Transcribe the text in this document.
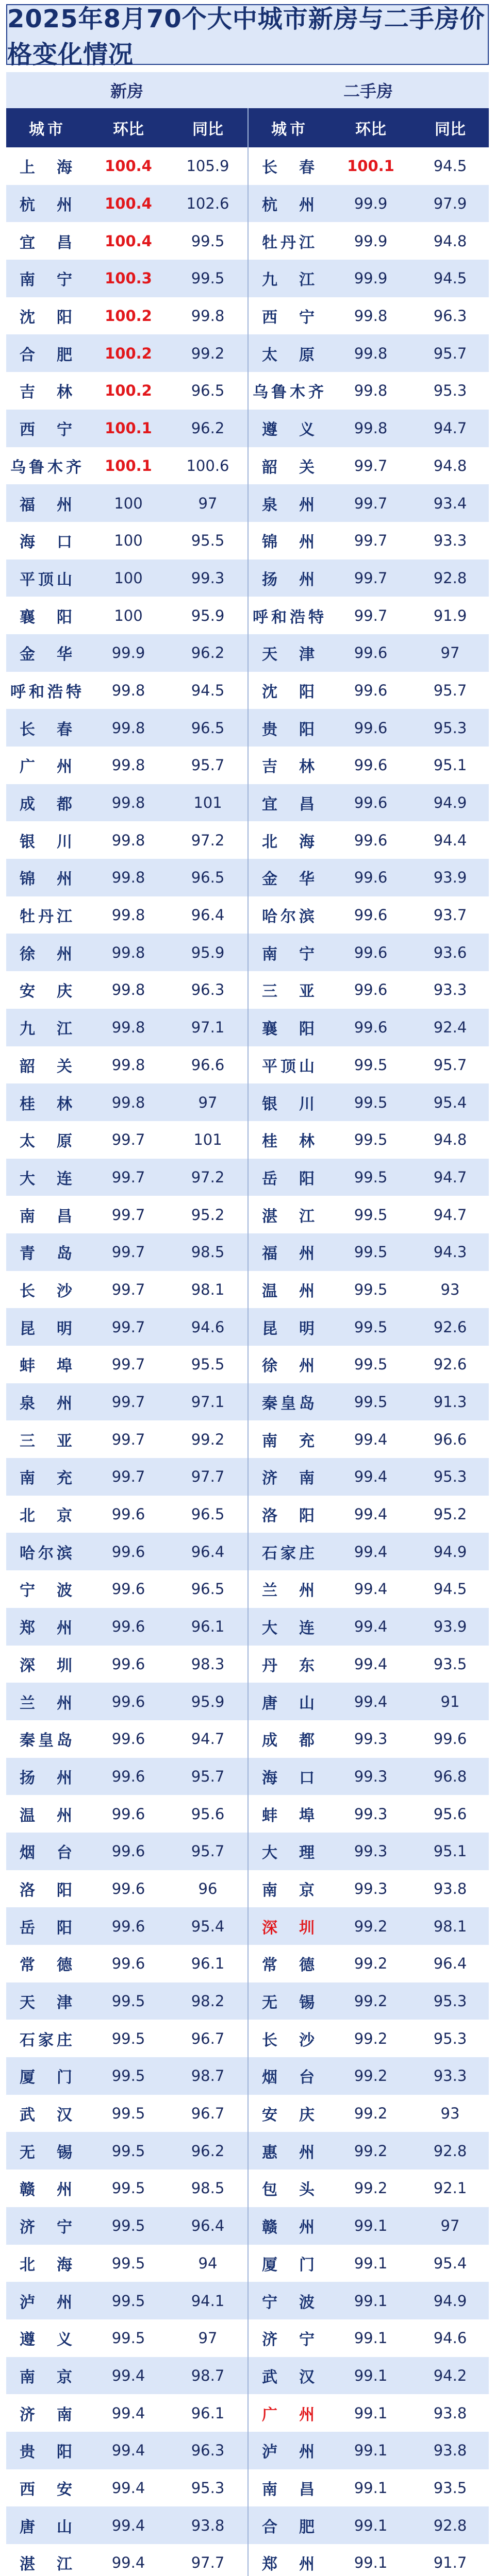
2025年8月70个大中城市新房与二手房价格变化情况
新房	二手房
城市	环比	同比	城市	环比	同比
上　海	100.4	105.9	长　春	100.1	94.5
杭　州	100.4	102.6	杭　州	99.9	97.9
宜　昌	100.4	99.5	牡丹江	99.9	94.8
南　宁	100.3	99.5	九　江	99.9	94.5
沈　阳	100.2	99.8	西　宁	99.8	96.3
合　肥	100.2	99.2	太　原	99.8	95.7
吉　林	100.2	96.5	乌鲁木齐	99.8	95.3
西　宁	100.1	96.2	遵　义	99.8	94.7
乌鲁木齐	100.1	100.6	韶　关	99.7	94.8
福　州	100	97	泉　州	99.7	93.4
海　口	100	95.5	锦　州	99.7	93.3
平顶山	100	99.3	扬　州	99.7	92.8
襄　阳	100	95.9	呼和浩特	99.7	91.9
金　华	99.9	96.2	天　津	99.6	97
呼和浩特	99.8	94.5	沈　阳	99.6	95.7
长　春	99.8	96.5	贵　阳	99.6	95.3
广　州	99.8	95.7	吉　林	99.6	95.1
成　都	99.8	101	宜　昌	99.6	94.9
银　川	99.8	97.2	北　海	99.6	94.4
锦　州	99.8	96.5	金　华	99.6	93.9
牡丹江	99.8	96.4	哈尔滨	99.6	93.7
徐　州	99.8	95.9	南　宁	99.6	93.6
安　庆	99.8	96.3	三　亚	99.6	93.3
九　江	99.8	97.1	襄　阳	99.6	92.4
韶　关	99.8	96.6	平顶山	99.5	95.7
桂　林	99.8	97	银　川	99.5	95.4
太　原	99.7	101	桂　林	99.5	94.8
大　连	99.7	97.2	岳　阳	99.5	94.7
南　昌	99.7	95.2	湛　江	99.5	94.7
青　岛	99.7	98.5	福　州	99.5	94.3
长　沙	99.7	98.1	温　州	99.5	93
昆　明	99.7	94.6	昆　明	99.5	92.6
蚌　埠	99.7	95.5	徐　州	99.5	92.6
泉　州	99.7	97.1	秦皇岛	99.5	91.3
三　亚	99.7	99.2	南　充	99.4	96.6
南　充	99.7	97.7	济　南	99.4	95.3
北　京	99.6	96.5	洛　阳	99.4	95.2
哈尔滨	99.6	96.4	石家庄	99.4	94.9
宁　波	99.6	96.5	兰　州	99.4	94.5
郑　州	99.6	96.1	大　连	99.4	93.9
深　圳	99.6	98.3	丹　东	99.4	93.5
兰　州	99.6	95.9	唐　山	99.4	91
秦皇岛	99.6	94.7	成　都	99.3	99.6
扬　州	99.6	95.7	海　口	99.3	96.8
温　州	99.6	95.6	蚌　埠	99.3	95.6
烟　台	99.6	95.7	大　理	99.3	95.1
洛　阳	99.6	96	南　京	99.3	93.8
岳　阳	99.6	95.4	深　圳	99.2	98.1
常　德	99.6	96.1	常　德	99.2	96.4
天　津	99.5	98.2	无　锡	99.2	95.3
石家庄	99.5	96.7	长　沙	99.2	95.3
厦　门	99.5	98.7	烟　台	99.2	93.3
武　汉	99.5	96.7	安　庆	99.2	93
无　锡	99.5	96.2	惠　州	99.2	92.8
赣　州	99.5	98.5	包　头	99.2	92.1
济　宁	99.5	96.4	赣　州	99.1	97
北　海	99.5	94	厦　门	99.1	95.4
泸　州	99.5	94.1	宁　波	99.1	94.9
遵　义	99.5	97	济　宁	99.1	94.6
南　京	99.4	98.7	武　汉	99.1	94.2
济　南	99.4	96.1	广　州	99.1	93.8
贵　阳	99.4	96.3	泸　州	99.1	93.8
西　安	99.4	95.3	南　昌	99.1	93.5
唐　山	99.4	93.8	合　肥	99.1	92.8
湛　江	99.4	97.7	郑　州	99.1	91.7
